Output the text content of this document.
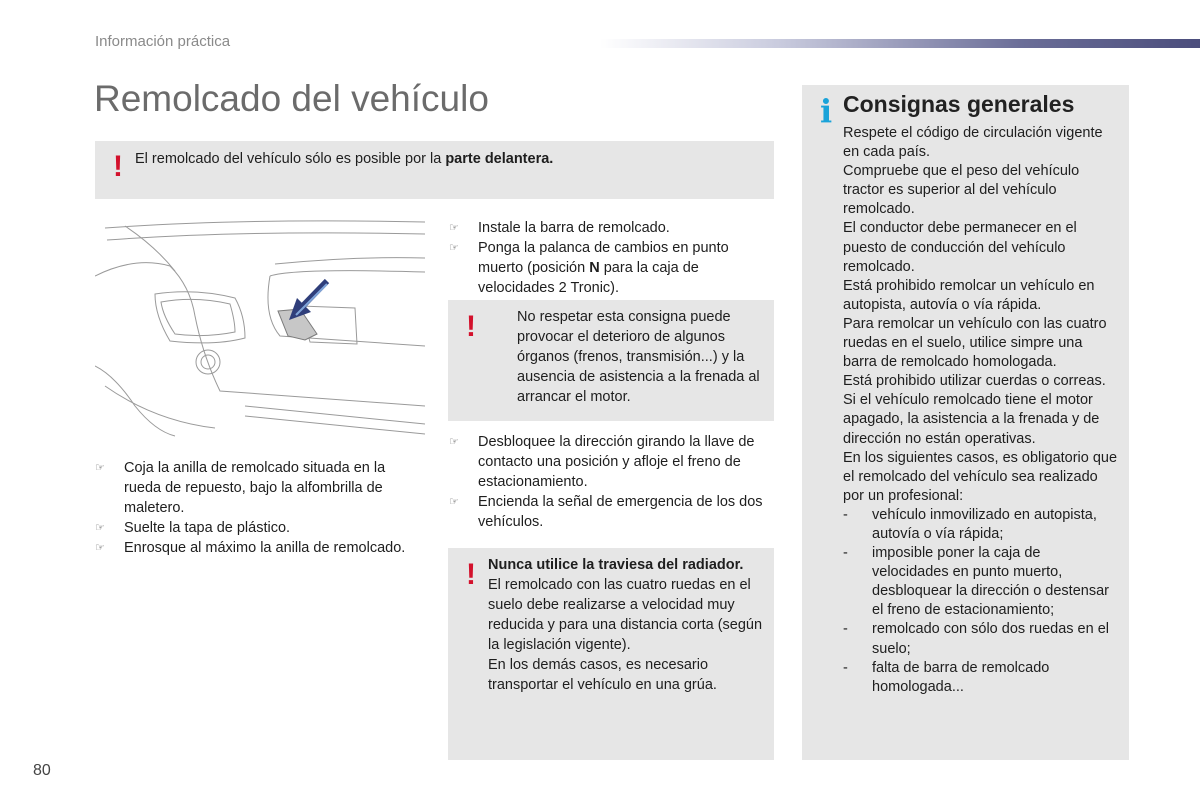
Información práctica
Remolcado del vehículo
! El remolcado del vehículo sólo es posible por la parte delantera.
☞ Coja la anilla de remolcado situada en la rueda de repuesto, bajo la alfombrilla de maletero.
☞ Suelte la tapa de plástico.
☞ Enrosque al máximo la anilla de remolcado.
☞ Instale la barra de remolcado.
☞ Ponga la palanca de cambios en punto muerto (posición N para la caja de velocidades 2 Tronic).
!	No respetar esta consigna puede provocar el deterioro de algunos órganos (frenos, transmisión...) y la ausencia de asistencia a la frenada al arrancar el motor.
☞ Desbloquee la dirección girando la llave de contacto una posición y afloje el freno de estacionamiento.
☞ Encienda la señal de emergencia de los dos vehículos.
! Nunca utilice la traviesa del radiador.
El remolcado con las cuatro ruedas en el suelo debe realizarse a velocidad muy reducida y para una distancia corta (según la legislación vigente).
En los demás casos, es necesario transportar el vehículo en una grúa.
i Consignas generales

Respete el código de circulación vigente en cada país.

Compruebe que el peso del vehículo tractor es superior al del vehículo remolcado.

El conductor debe permanecer en el puesto de conducción del vehículo remolcado.

Está prohibido remolcar un vehículo en autopista, autovía o vía rápida.

Para remolcar un vehículo con las cuatro ruedas en el suelo, utilice simpre una barra de remolcado homologada.

Está prohibido utilizar cuerdas o correas.

Si el vehículo remolcado tiene el motor apagado, la asistencia a la frenada y de dirección no están operativas.

En los siguientes casos, es obligatorio que el remolcado del vehículo sea realizado por un profesional:

- vehículo inmovilizado en autopista, autovía o vía rápida;
- imposible poner la caja de velocidades en punto muerto, desbloquear la dirección o destensar el freno de estacionamiento;
- remolcado con sólo dos ruedas en el suelo;
- falta de barra de remolcado homologada...
80
